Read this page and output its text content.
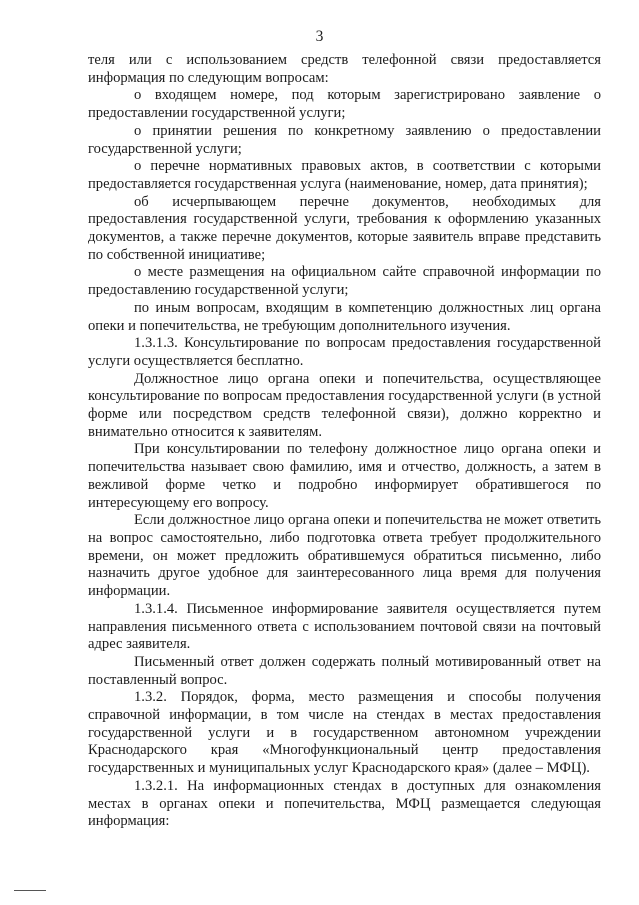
3

теля или с использованием средств телефонной связи предоставляется информация по следующим вопросам:

о входящем номере, под которым зарегистрировано заявление о предоставлении государственной услуги;

о принятии решения по конкретному заявлению о предоставлении государственной услуги;

о перечне нормативных правовых актов, в соответствии с которыми предоставляется государственная услуга (наименование, номер, дата принятия);

об исчерпывающем перечне документов, необходимых для предоставления государственной услуги, требования к оформлению указанных документов, а также перечне документов, которые заявитель вправе представить по собственной инициативе;

о месте размещения на официальном сайте справочной информации по предоставлению государственной услуги;

по иным вопросам, входящим в компетенцию должностных лиц органа опеки и попечительства, не требующим дополнительного изучения.

1.3.1.3. Консультирование по вопросам предоставления государственной услуги осуществляется бесплатно.

Должностное лицо органа опеки и попечительства, осуществляющее консультирование по вопросам предоставления государственной услуги (в устной форме или посредством средств телефонной связи), должно корректно и внимательно относится к заявителям.

При консультировании по телефону должностное лицо органа опеки и попечительства называет свою фамилию, имя и отчество, должность, а затем в вежливой форме четко и подробно информирует обратившегося по интересующему его вопросу.

Если должностное лицо органа опеки и попечительства не может ответить на вопрос самостоятельно, либо подготовка ответа требует продолжительного времени, он может предложить обратившемуся обратиться письменно, либо назначить другое удобное для заинтересованного лица время для получения информации.

1.3.1.4. Письменное информирование заявителя осуществляется путем направления письменного ответа с использованием почтовой связи на почтовый адрес заявителя.

Письменный ответ должен содержать полный мотивированный ответ на поставленный вопрос.

1.3.2. Порядок, форма, место размещения и способы получения справочной информации, в том числе на стендах в местах предоставления государственной услуги и в государственном автономном учреждении Краснодарского края «Многофункциональный центр предоставления государственных и муниципальных услуг Краснодарского края» (далее – МФЦ).

1.3.2.1. На информационных стендах в доступных для ознакомления местах в органах опеки и попечительства, МФЦ размещается следующая информация:
